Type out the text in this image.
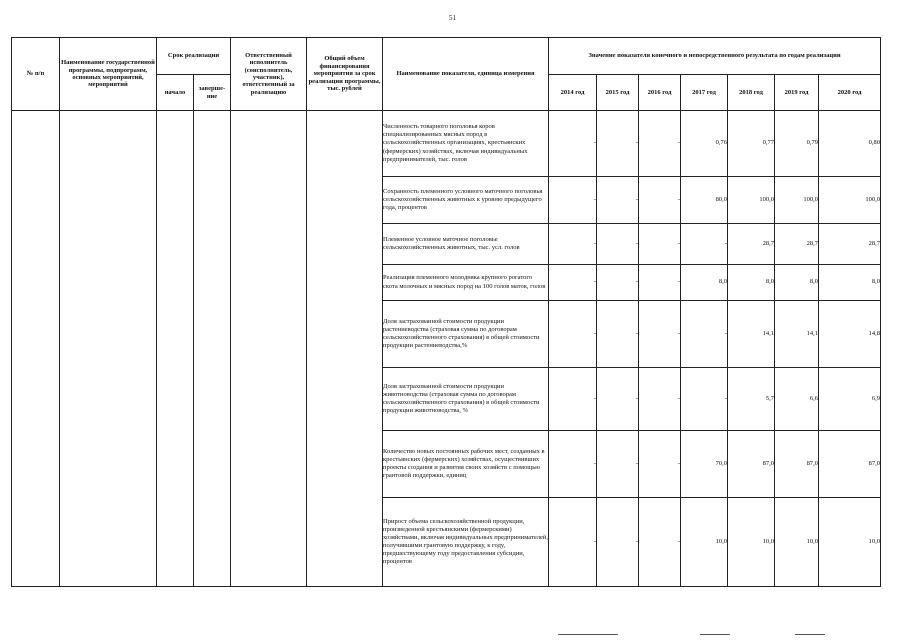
51
№ п/п	Наименование государственной программы, подпрограмм, основных мероприятий, мероприятий	Срок реализации		Ответственный исполнитель (соисполнитель, участник), ответственный за реализацию	Общий объем финансирования мероприятия за срок реализации программы, тыс. рублей	Наименование показателя, единица измерения	Значение показателя конечного и непосредственного результата по годам реализации						
		начало	заверше-ние				2014 год	2015 год	2016 год	2017 год	2018 год	2019 год	2020 год
						Численность товарного поголовья коров специализированных мясных пород в сельскохозяйственных организациях, крестьянских (фермерских) хозяйствах, включая индивидуальных предпринимателей, тыс. голов	-	-	-	0,76	0,77	0,79	0,80
						Сохранность племенного условного маточного поголовья сельскохозяйственных животных к уровню предыдущего года, процентов	-	-	-	80,0	100,0	100,0	100,0
						Племенное условное маточное поголовье сельскохозяйственных животных, тыс. усл. голов	-	-	-	-	28,7	28,7	28,7
						Реализация племенного молодняка крупного рогатого скота молочных и мясных пород на 100 голов маток, голов	-	-	-	8,0	8,0	8,0	8,0
						Доля застрахованной стоимости продукции растениеводства (страховая сумма по договорам сельскохозяйственного страхования) в общей стоимости продукции растениеводства,%	-	-	-	-	14,1	14,1	14,8
						Доля застрахованной стоимости продукции животноводства (страховая сумма по договорам сельскохозяйственного страхования) в общей стоимости продукции животноводства, %	-	-	-	-	5,7	6,6	6,9
						Количество новых постоянных рабочих мест, созданных в крестьянских (фермерских) хозяйствах, осуществивших проекты создания и развития своих хозяйств с помощью грантовой поддержки, единиц	-	-	-	70,0	87,0	87,0	87,0
						Прирост объема сельскохозяйственной продукции, произведенной крестьянскими (фермерскими) хозяйствами, включая индивидуальных предпринимателей, получившими грантовую поддержку, к году, предшествующему году предоставления субсидии, процентов	-	-	-	10,0	10,0	10,0	10,0
